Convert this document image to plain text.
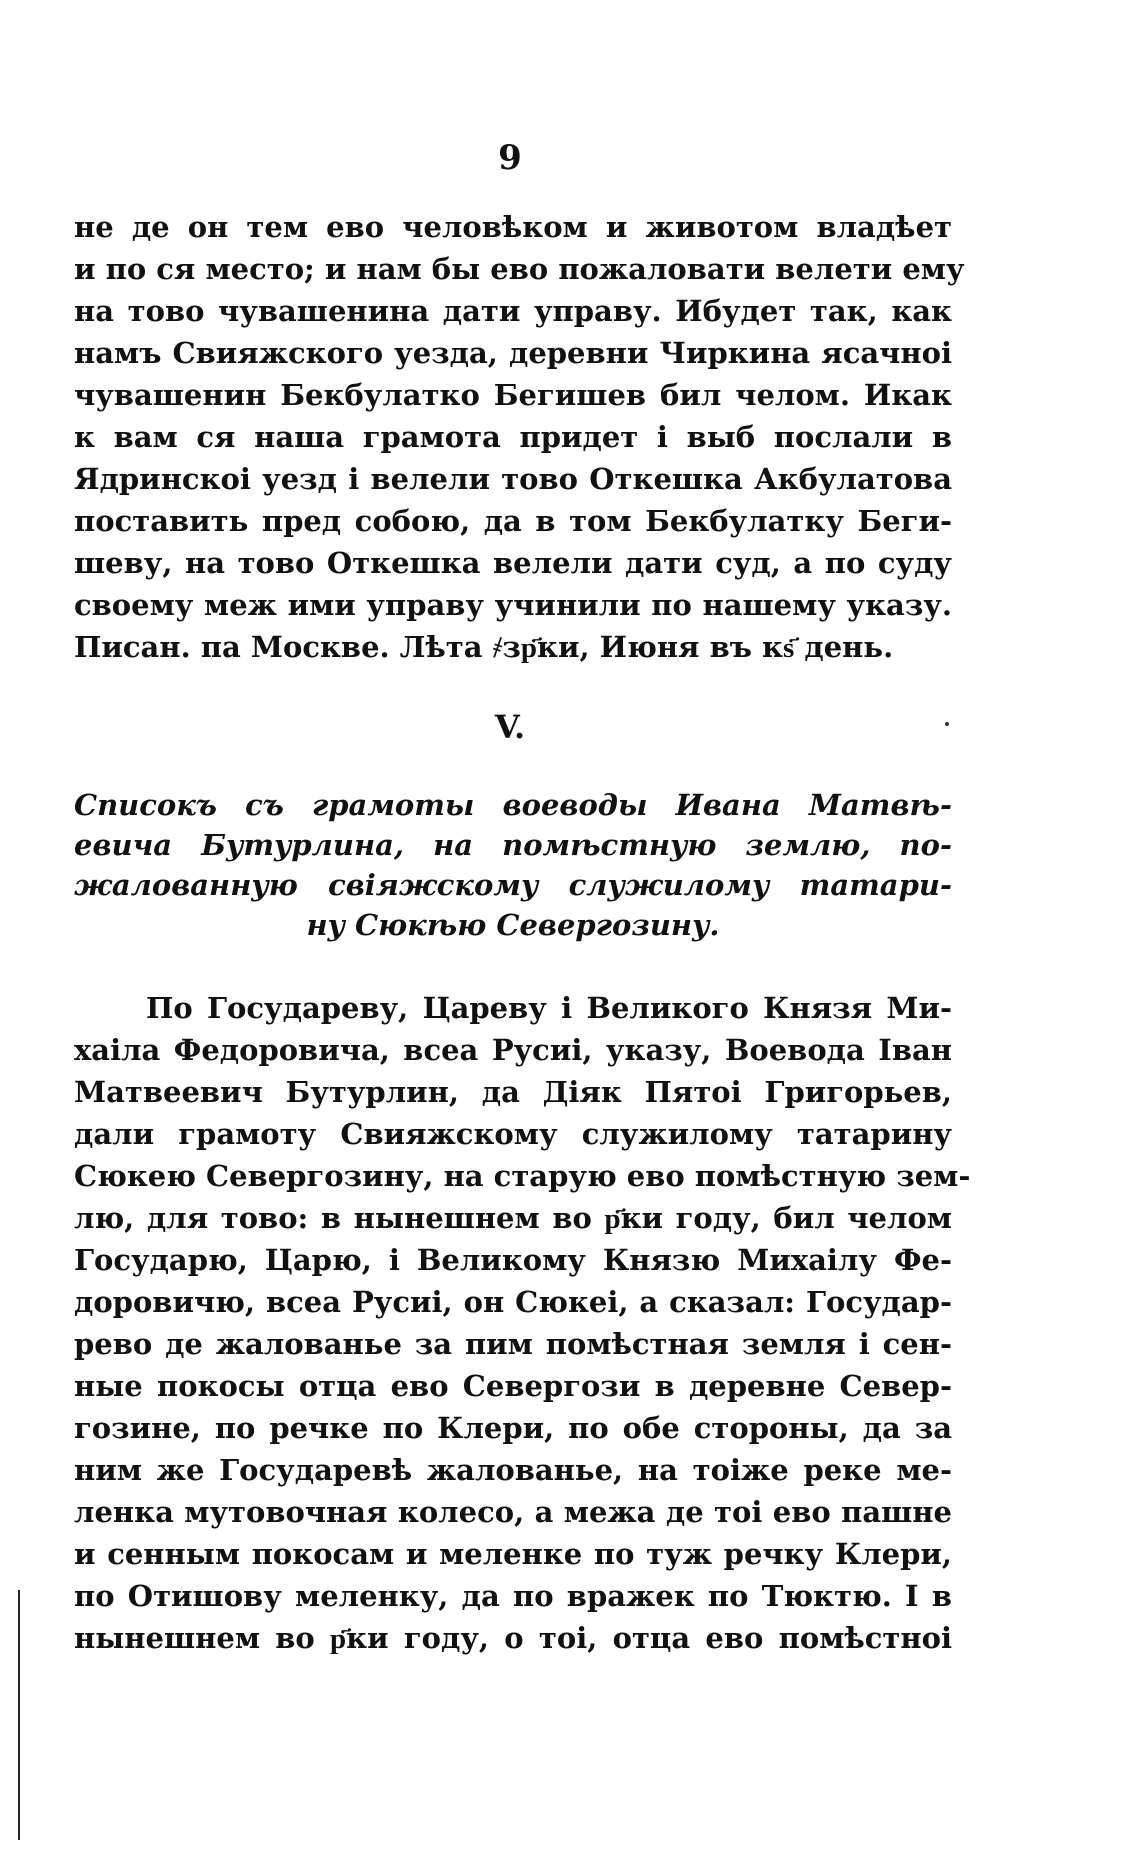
9
не де он тем ево человѣком и животом владѣет
и по ся место; и нам бы ево пожаловати велети ему
на тово чувашенина дати управу. Ибудет так, как
намъ Свияжского уезда, деревни Чиркина ясачноі
чувашенин Бекбулатко Бегишев бил челом. Икак
к вам ся наша грамота придет і выб послали в
Ядринскоі уезд і велели тово Откешка Акбулатова
поставить пред собою, да в том Бекбулатку Беги-
шеву, на тово Откешка велели дати суд, а по суду
своему меж ими управу учинили по нашему указу.
Писан. па Москве. Лѣта ҂зр҃ки, Июня въ кѕ҃ день.
V.
Списокъ съ грамоты воеводы Ивана Матвѣ-
евича Бутурлина, на помѣстную землю, по-
жалованную свіяжскому служилому татари-
ну Сюкѣю Севергозину.
По Государеву, Цареву і Великого Князя Ми-
хаіла Федоровича, всеа Русиі, указу, Воевода Іван
Матвеевич Бутурлин, да Діяк Пятоі Григорьев,
дали грамоту Свияжскому служилому татарину
Сюкею Севергозину, на старую ево помѣстную зем-
лю, для тово: в нынешнем во р҃ки году, бил челом
Государю, Царю, і Великому Князю Михаілу Фе-
доровичю, всеа Русиі, он Сюкеі, а сказал: Государ-
рево де жалованье за пим помѣстная земля і сен-
ные покосы отца ево Севергози в деревне Север-
гозине, по речке по Клери, по обе стороны, да за
ним же Государевѣ жалованье, на тоіже реке ме-
ленка мутовочная колесо, а межа де тоі ево пашне
и сенным покосам и меленке по туж речку Клери,
по Отишову меленку, да по вражек по Тюктю. І в
нынешнем во р҃ки году, о тоі, отца ево помѣстноі
